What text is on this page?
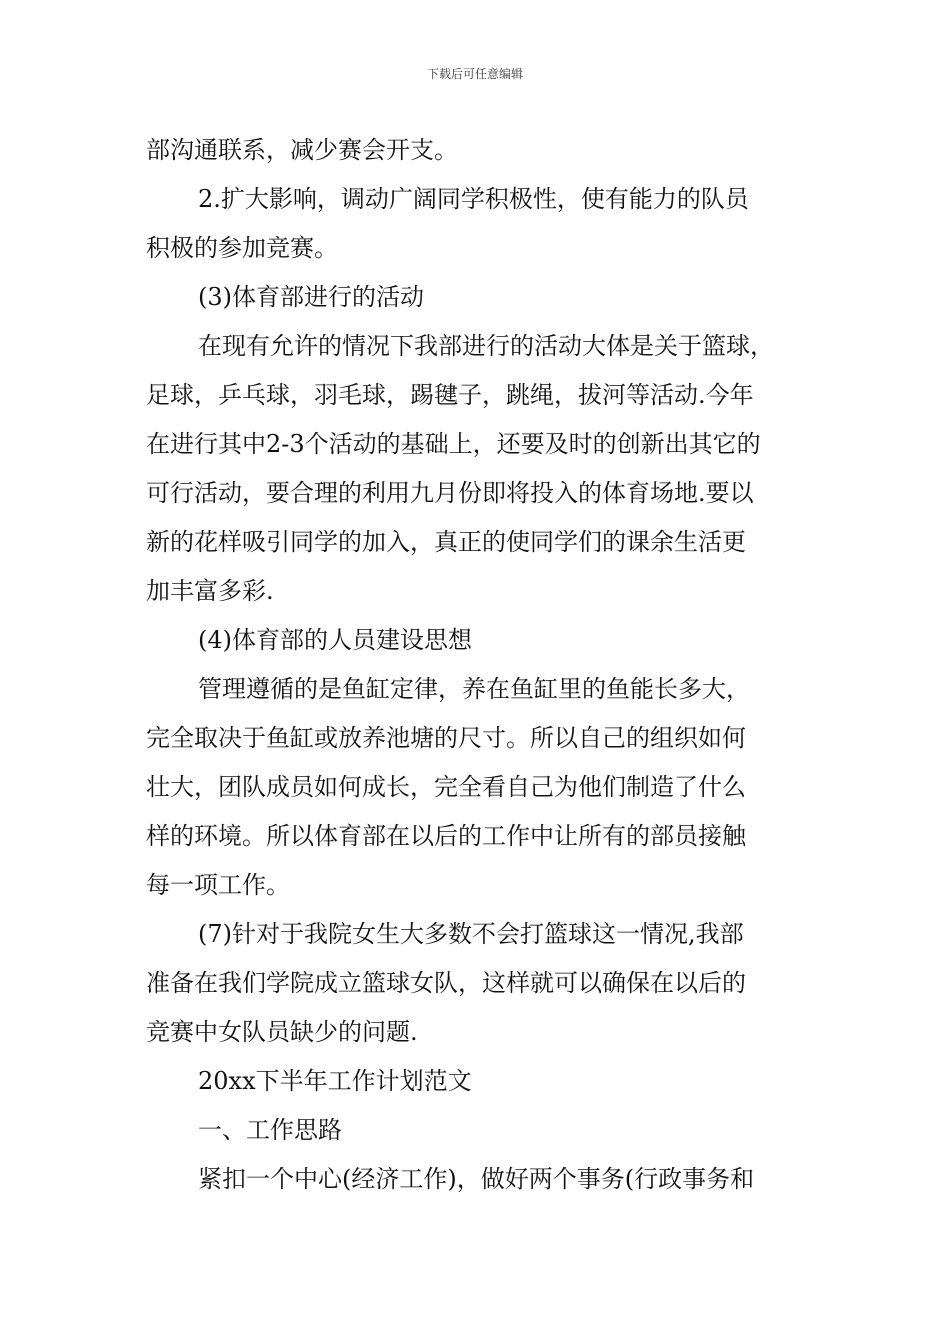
下载后可任意编辑
部沟通联系，减少赛会开支。
2.扩大影响，调动广阔同学积极性，使有能力的队员
积极的参加竞赛。
(3)体育部进行的活动
在现有允许的情况下我部进行的活动大体是关于篮球，
足球，乒乓球，羽毛球，踢毽子，跳绳，拔河等活动.今年
在进行其中2-3个活动的基础上，还要及时的创新出其它的
可行活动，要合理的利用九月份即将投入的体育场地.要以
新的花样吸引同学的加入，真正的使同学们的课余生活更
加丰富多彩.
(4)体育部的人员建设思想
管理遵循的是鱼缸定律，养在鱼缸里的鱼能长多大，
完全取决于鱼缸或放养池塘的尺寸。所以自己的组织如何
壮大，团队成员如何成长，完全看自己为他们制造了什么
样的环境。所以体育部在以后的工作中让所有的部员接触
每一项工作。
(7)针对于我院女生大多数不会打篮球这一情况,我部
准备在我们学院成立篮球女队，这样就可以确保在以后的
竞赛中女队员缺少的问题.
20xx下半年工作计划范文
一、工作思路
紧扣一个中心(经济工作)，做好两个事务(行政事务和
